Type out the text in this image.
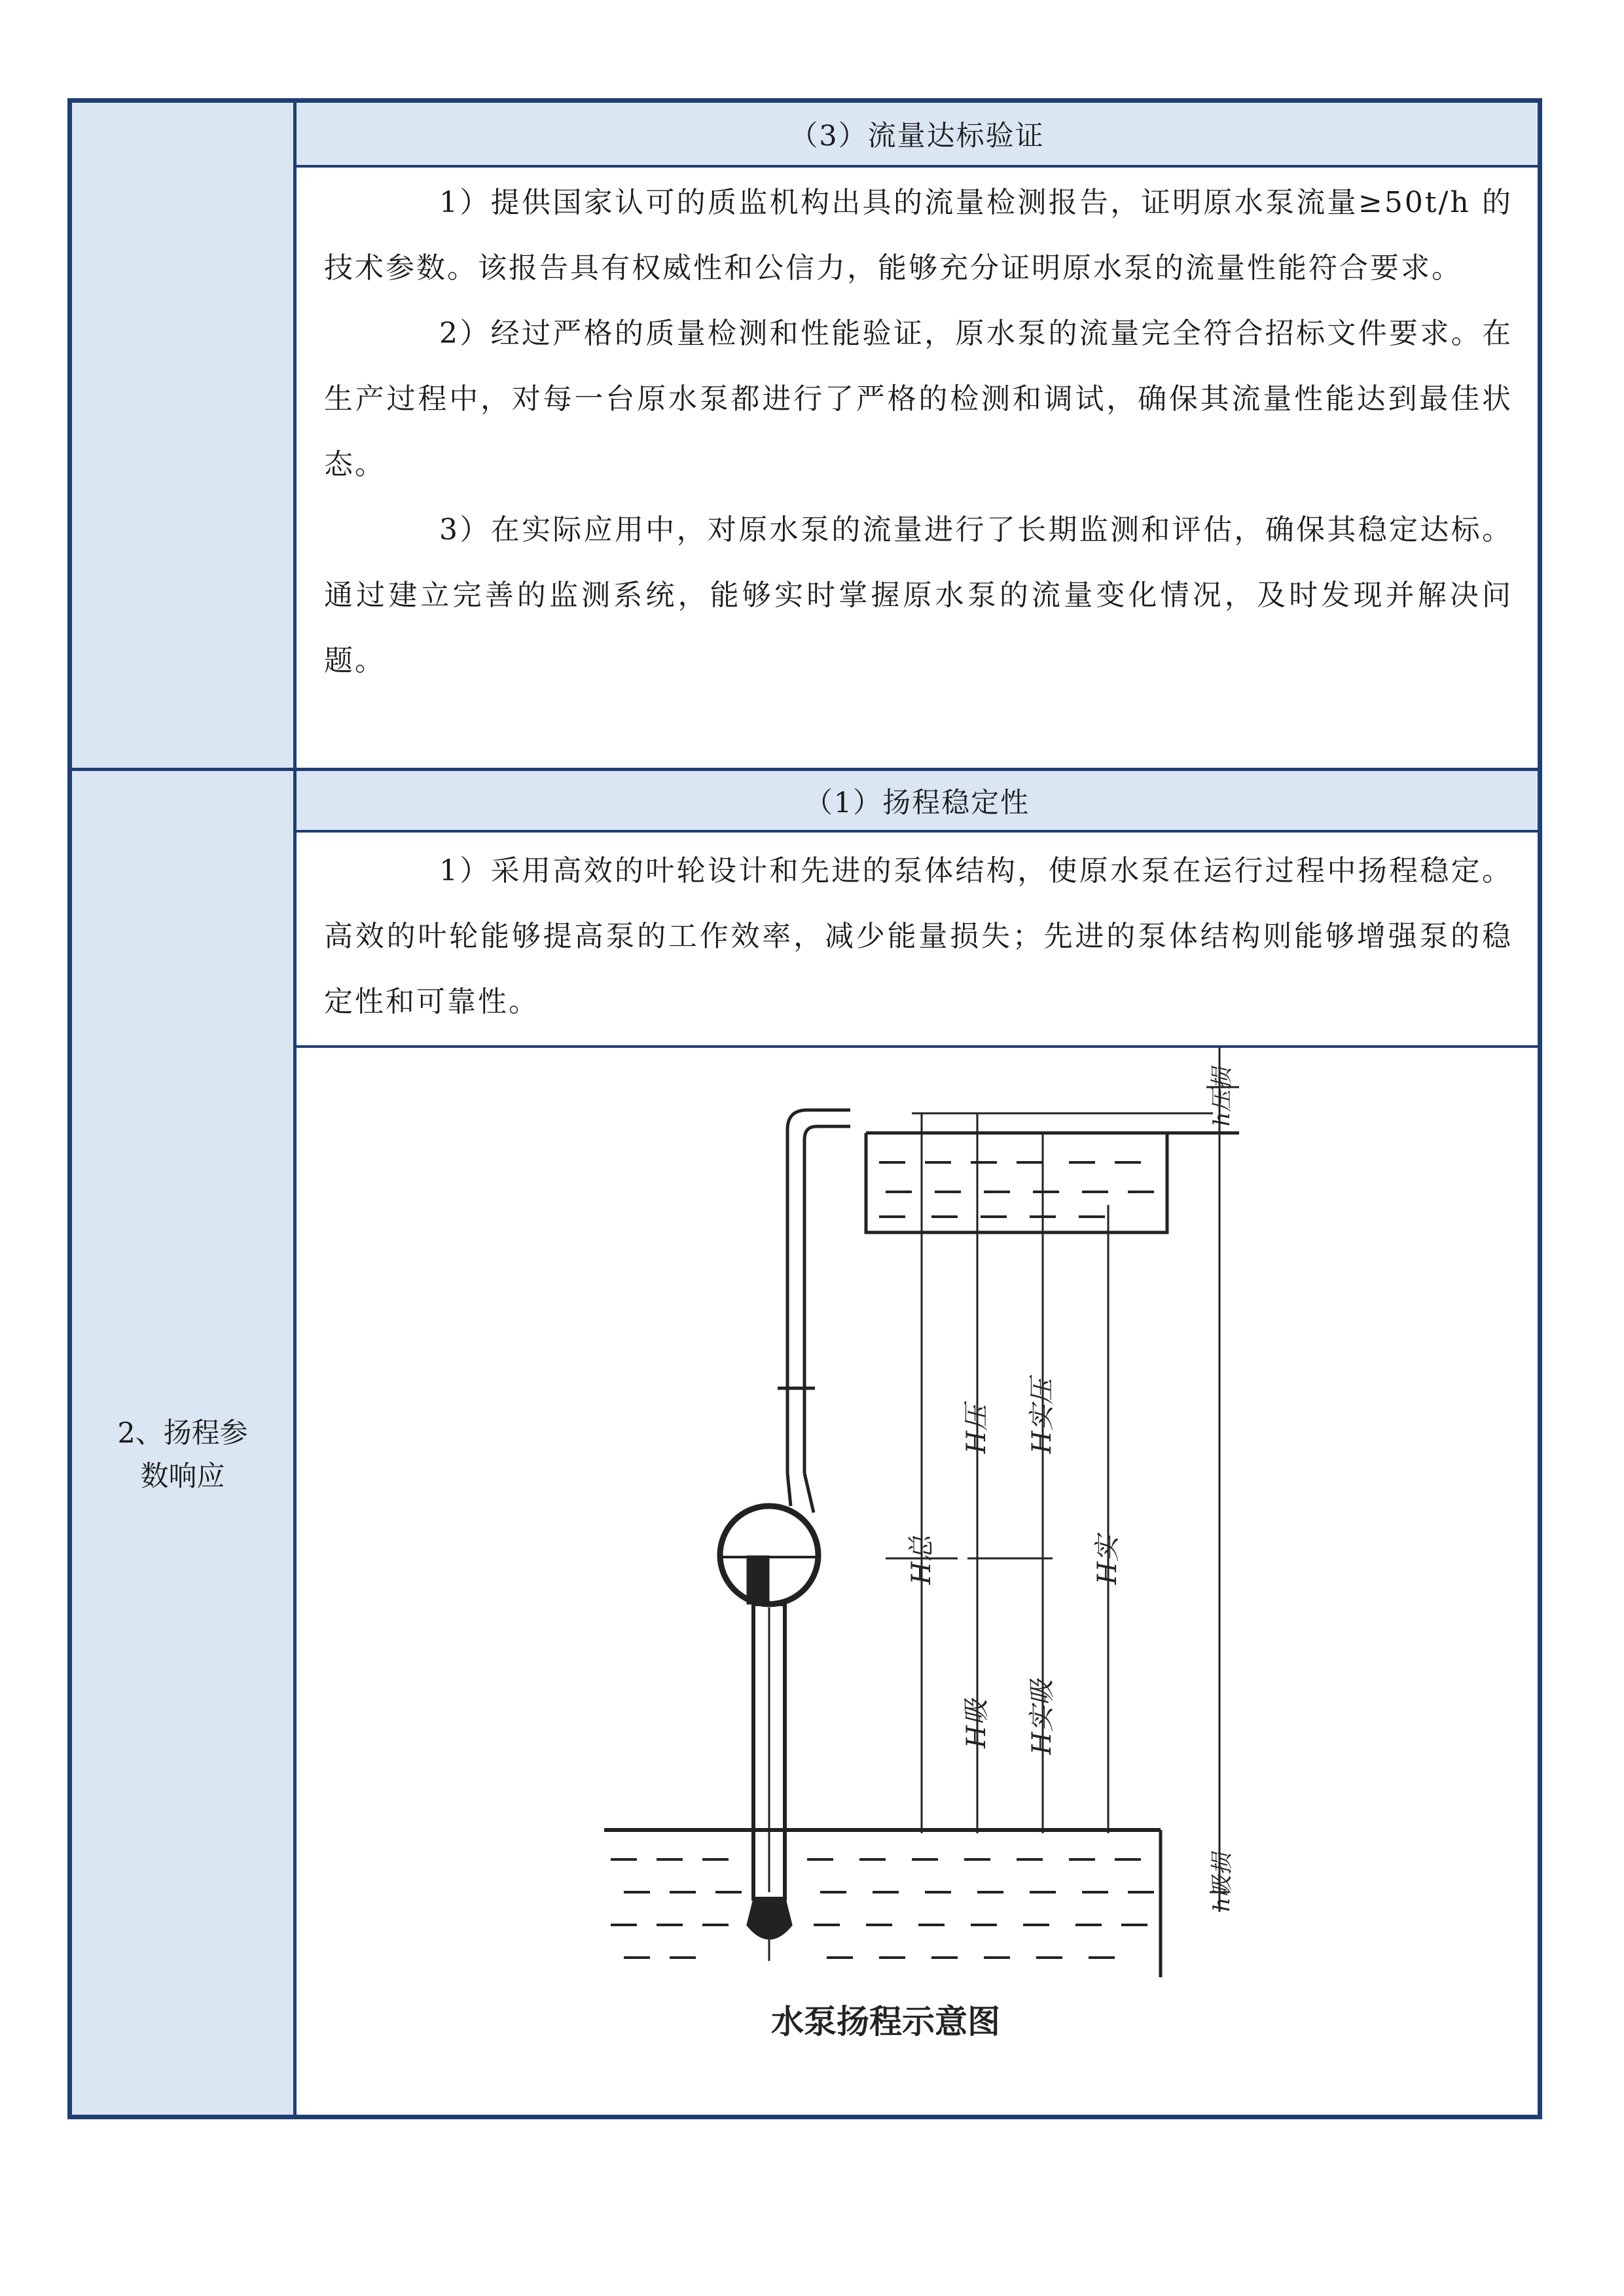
（3）流量达标验证
（1）扬程稳定性

1）提供国家认可的质监机构出具的流量检测报告，证明原水泵流量≥50t/h 的技术参数。该报告具有权威性和公信力，能够充分证明原水泵的流量性能符合要求。

2）经过严格的质量检测和性能验证，原水泵的流量完全符合招标文件要求。在生产过程中，对每一台原水泵都进行了严格的检测和调试，确保其流量性能达到最佳状态。

3）在实际应用中，对原水泵的流量进行了长期监测和评估，确保其稳定达标。通过建立完善的监测系统，能够实时掌握原水泵的流量变化情况，及时发现并解决问题。

2、扬程参
数响应

1）采用高效的叶轮设计和先进的泵体结构，使原水泵在运行过程中扬程稳定。高效的叶轮能够提高泵的工作效率，减少能量损失；先进的泵体结构则能够增强泵的稳定性和可靠性。

h压损
H压 H实压
H总	H实
H吸 H实吸
h吸损
水泵扬程示意图
